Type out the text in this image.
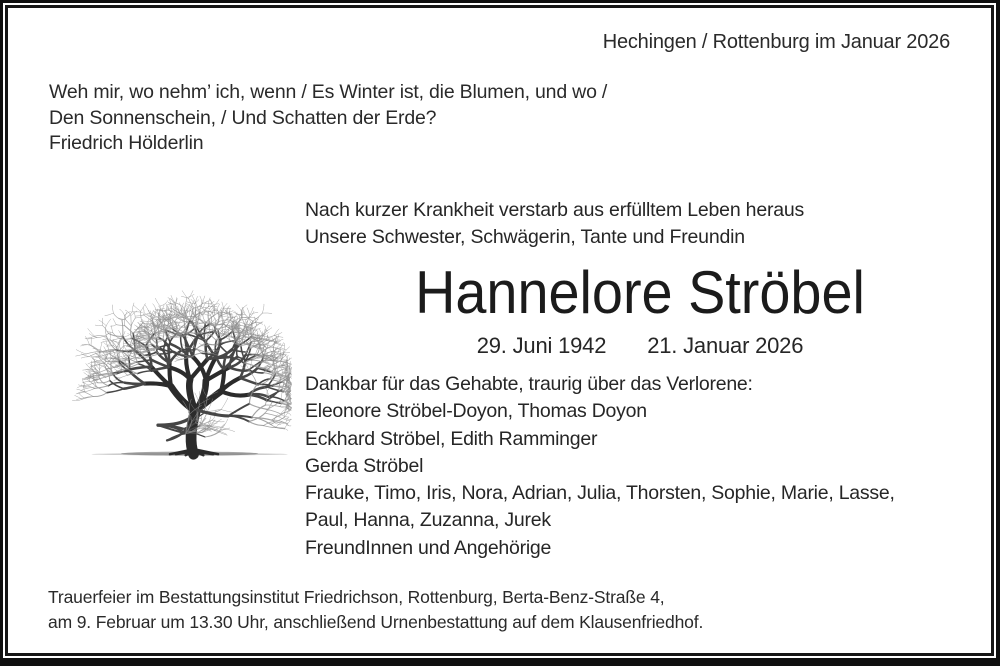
Hechingen / Rottenburg im Januar 2026
Weh mir, wo nehm’ ich, wenn / Es Winter ist, die Blumen, und wo /
Den Sonnenschein, / Und Schatten der Erde?
Friedrich Hölderlin
Nach kurzer Krankheit verstarb aus erfülltem Leben heraus
Unsere Schwester, Schwägerin, Tante und Freundin
Hannelore Ströbel
29. Juni 1942 21. Januar 2026
Dankbar für das Gehabte, traurig über das Verlorene:
Eleonore Ströbel-Doyon, Thomas Doyon
Eckhard Ströbel, Edith Ramminger
Gerda Ströbel
Frauke, Timo, Iris, Nora, Adrian, Julia, Thorsten, Sophie, Marie, Lasse,
Paul, Hanna, Zuzanna, Jurek
FreundInnen und Angehörige
Trauerfeier im Bestattungsinstitut Friedrichson, Rottenburg, Berta-Benz-Straße 4,
am 9. Februar um 13.30 Uhr, anschließend Urnenbestattung auf dem Klausenfriedhof.
